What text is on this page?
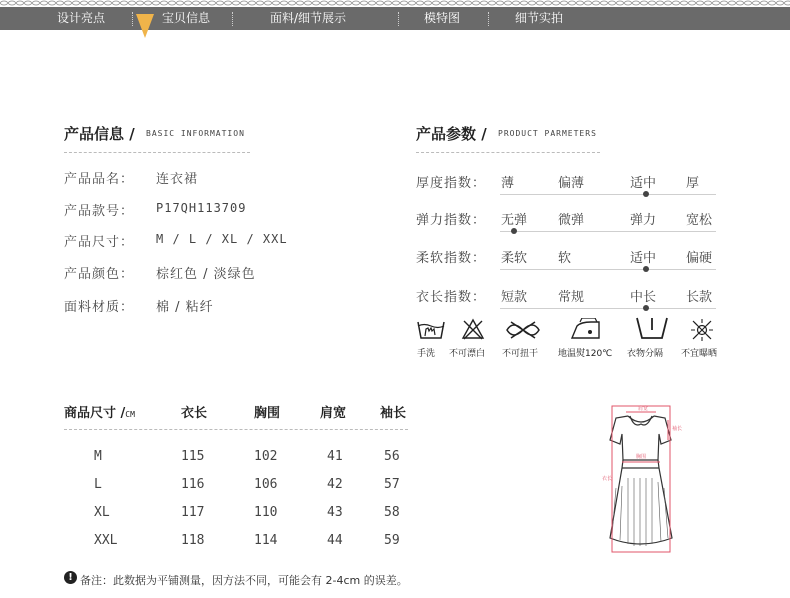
设计亮点	宝贝信息	面料/细节展示	模特图	细节实拍
产品信息 / BASIC INFORMATION
产品品名： 连衣裙
产品款号： P17QH113709
产品尺寸： M / L / XL / XXL
产品颜色： 棕红色 / 淡绿色
面料材质： 棉 / 粘纤
产品参数 / PRODUCT PARMETERS
厚度指数： 薄	偏薄	适中 厚
弹力指数： 无弹 微弹	弹力 宽松
柔软指数： 柔软 软	适中 偏硬
衣长指数： 短款 常规	中长 长款
手洗 不可漂白 不可扭干 地温熨120℃ 衣物分隔 不宜曝晒
商品尺寸 /CM	衣长	胸围	肩宽	袖长
M	115	102	41	56
L	116	106	42	57
XL	117	110	43	58
XXL	118	114	44	59
肩宽
袖长
胸围
衣长
! 备注：此数据为平铺测量，因方法不同，可能会有 2-4cm 的误差。
